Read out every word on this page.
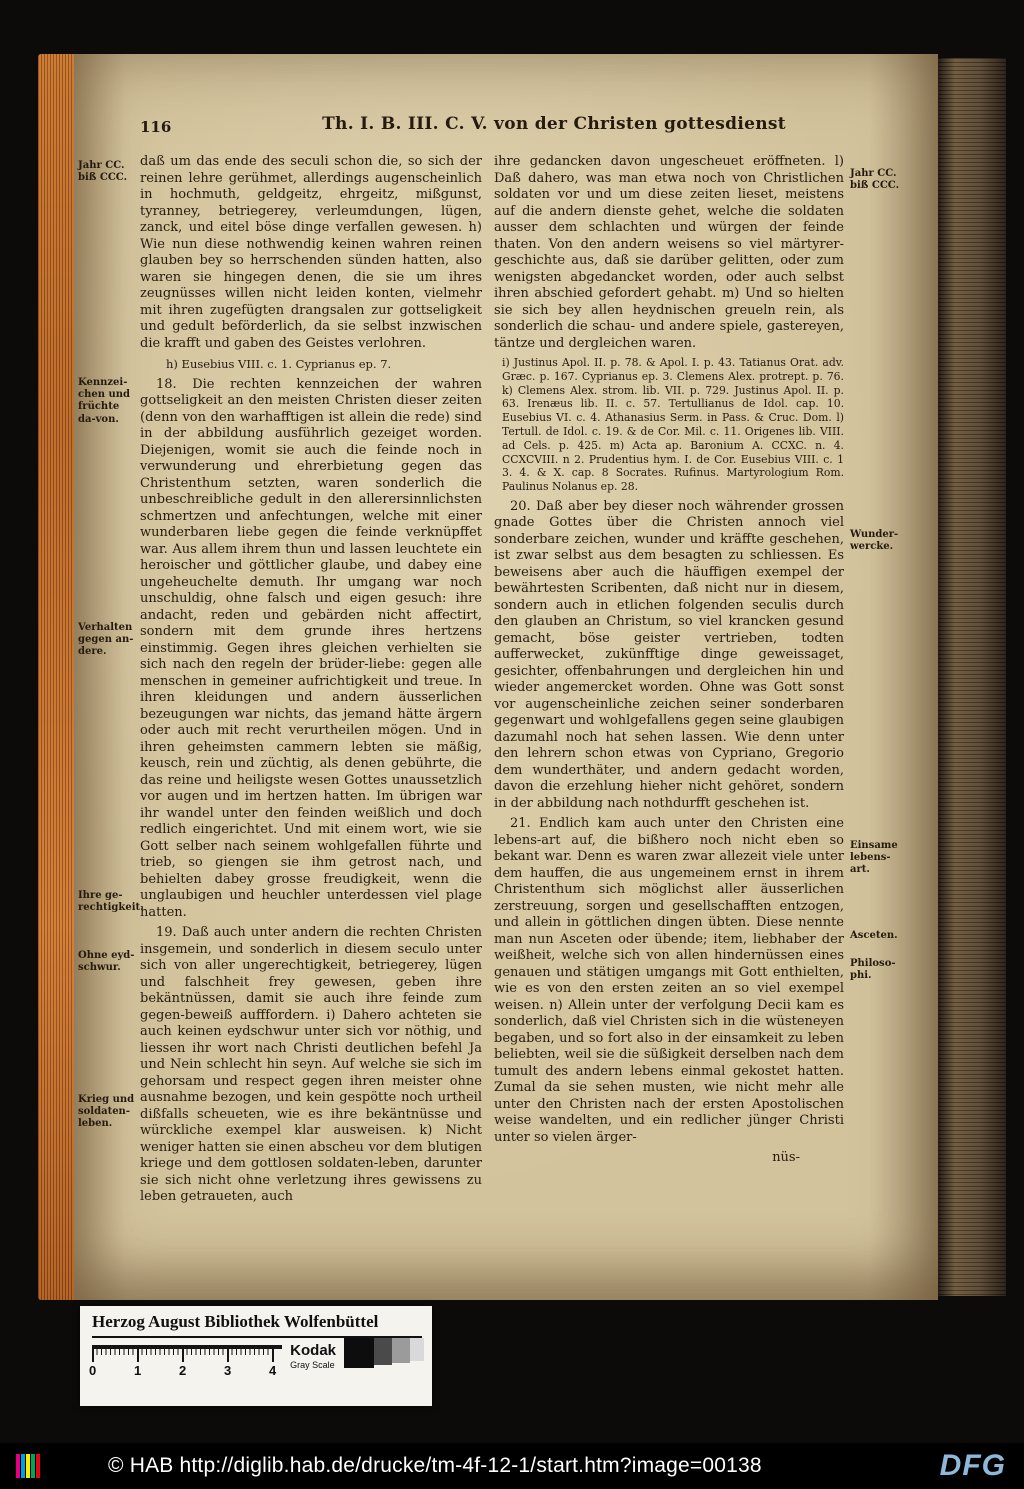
116	Th. I. B. III. C. V. von der Christen gottesdienst
Jahr CC. biß CCC.
Kennzei-chen und früchte da-von.
Verhalten gegen an-dere.
Ihre ge-rechtigkeit.
Ohne eyd-schwur.
Krieg und soldaten-leben.

daß um das ende des seculi schon die, so sich der reinen lehre gerühmet, allerdings augenscheinlich in hochmuth, geldgeitz, ehrgeitz, mißgunst, tyranney, betriegerey, verleumdungen, lügen, zanck, und eitel böse dinge verfallen gewesen. h) Wie nun diese nothwendig keinen wahren reinen glauben bey so herrschenden sünden hatten, also waren sie hingegen denen, die sie um ihres zeugnüsses willen nicht leiden konten, vielmehr mit ihren zugefügten drangsalen zur gottseligkeit und gedult beförderlich, da sie selbst inzwischen die krafft und gaben des Geistes verlohren.

h) Eusebius VIII. c. 1. Cyprianus ep. 7.

18. Die rechten kennzeichen der wahren gottseligkeit an den meisten Christen dieser zeiten (denn von den warhafftigen ist allein die rede) sind in der abbildung ausführlich gezeiget worden. Diejenigen, womit sie auch die feinde noch in verwunderung und ehrerbietung gegen das Christenthum setzten, waren sonderlich die unbeschreibliche gedult in den allerersinnlichsten schmertzen und anfechtungen, welche mit einer wunderbaren liebe gegen die feinde verknüpffet war. Aus allem ihrem thun und lassen leuchtete ein heroischer und göttlicher glaube, und dabey eine ungeheuchelte demuth. Ihr umgang war noch unschuldig, ohne falsch und eigen gesuch: ihre andacht, reden und gebärden nicht affectirt, sondern mit dem grunde ihres hertzens einstimmig. Gegen ihres gleichen verhielten sie sich nach den regeln der brüder-liebe: gegen alle menschen in gemeiner aufrichtigkeit und treue. In ihren kleidungen und andern äusserlichen bezeugungen war nichts, das jemand hätte ärgern oder auch mit recht verurtheilen mögen. Und in ihren geheimsten cammern lebten sie mäßig, keusch, rein und züchtig, als denen gebührte, die das reine und heiligste wesen Gottes unaussetzlich vor augen und im hertzen hatten. Im übrigen war ihr wandel unter den feinden weißlich und doch redlich eingerichtet. Und mit einem wort, wie sie Gott selber nach seinem wohlgefallen führte und trieb, so giengen sie ihm getrost nach, und behielten dabey grosse freudigkeit, wenn die unglaubigen und heuchler unterdessen viel plage hatten.

19. Daß auch unter andern die rechten Christen insgemein, und sonderlich in diesem seculo unter sich von aller ungerechtigkeit, betriegerey, lügen und falschheit frey gewesen, geben ihre bekäntnüssen, damit sie auch ihre feinde zum gegen-beweiß aufffordern. i) Dahero achteten sie auch keinen eydschwur unter sich vor nöthig, und liessen ihr wort nach Christi deutlichen befehl Ja und Nein schlecht hin seyn. Auf welche sie sich im gehorsam und respect gegen ihren meister ohne ausnahme bezogen, und kein gespötte noch urtheil dißfalls scheueten, wie es ihre bekäntnüsse und würckliche exempel klar ausweisen. k) Nicht weniger hatten sie einen abscheu vor dem blutigen kriege und dem gottlosen soldaten-leben, darunter sie sich nicht ohne verletzung ihres gewissens zu leben getraueten, auch

ihre gedancken davon ungescheuet eröffneten. l) Daß dahero, was man etwa noch von Christlichen soldaten vor und um diese zeiten lieset, meistens auf die andern dienste gehet, welche die soldaten ausser dem schlachten und würgen der feinde thaten. Von den andern weisens so viel märtyrer-geschichte aus, daß sie darüber gelitten, oder zum wenigsten abgedancket worden, oder auch selbst ihren abschied gefordert gehabt. m) Und so hielten sie sich bey allen heydnischen greueln rein, als sonderlich die schau- und andere spiele, gastereyen, täntze und dergleichen waren.

i) Justinus Apol. II. p. 78. & Apol. I. p. 43. Tatianus Orat. adv. Græc. p. 167. Cyprianus ep. 3. Clemens Alex. protrept. p. 76. k) Clemens Alex. strom. lib. VII. p. 729. Justinus Apol. II. p. 63. Irenæus lib. II. c. 57. Tertullianus de Idol. cap. 10. Eusebius VI. c. 4. Athanasius Serm. in Pass. & Cruc. Dom. l) Tertull. de Idol. c. 19. & de Cor. Mil. c. 11. Origenes lib. VIII. ad Cels. p. 425. m) Acta ap. Baronium A. CCXC. n. 4. CCXCVIII. n 2. Prudentius hym. I. de Cor. Eusebius VIII. c. 1 3. 4. & X. cap. 8 Socrates. Rufinus. Martyrologium Rom. Paulinus Nolanus ep. 28.

20. Daß aber bey dieser noch währender grossen gnade Gottes über die Christen annoch viel sonderbare zeichen, wunder und kräffte geschehen, ist zwar selbst aus dem besagten zu schliessen. Es beweisens aber auch die häuffigen exempel der bewährtesten Scribenten, daß nicht nur in diesem, sondern auch in etlichen folgenden seculis durch den glauben an Christum, so viel krancken gesund gemacht, böse geister vertrieben, todten aufferwecket, zukünfftige dinge geweissaget, gesichter, offenbahrungen und dergleichen hin und wieder angemercket worden. Ohne was Gott sonst vor augenscheinliche zeichen seiner sonderbaren gegenwart und wohlgefallens gegen seine glaubigen dazumahl noch hat sehen lassen. Wie denn unter den lehrern schon etwas von Cypriano, Gregorio dem wunderthäter, und andern gedacht worden, davon die erzehlung hieher nicht gehöret, sondern in der abbildung nach nothdurfft geschehen ist.

21. Endlich kam auch unter den Christen eine lebens-art auf, die bißhero noch nicht eben so bekant war. Denn es waren zwar allezeit viele unter dem hauffen, die aus ungemeinem ernst in ihrem Christenthum sich möglichst aller äusserlichen zerstreuung, sorgen und gesellschafften entzogen, und allein in göttlichen dingen übten. Diese nennte man nun Asceten oder übende; item, liebhaber der weißheit, welche sich von allen hindernüssen eines genauen und stätigen umgangs mit Gott enthielten, wie es von den ersten zeiten an so viel exempel weisen. n) Allein unter der verfolgung Decii kam es sonderlich, daß viel Christen sich in die wüsteneyen begaben, und so fort also in der einsamkeit zu leben beliebten, weil sie die süßigkeit derselben nach dem tumult des andern lebens einmal gekostet hatten. Zumal da sie sehen musten, wie nicht mehr alle unter den Christen nach der ersten Apostolischen weise wandelten, und ein redlicher jünger Christi unter so vielen ärger-

nüs-

Jahr CC. biß CCC.
Wunder-wercke.
Einsame lebens-art.
Asceten.
Philoso-phi.
Herzog August Bibliothek Wolfenbüttel
0	1	2	3	4
Kodak
Gray Scale
© HAB http://diglib.hab.de/drucke/tm-4f-12-1/start.htm?image=00138	DFG
